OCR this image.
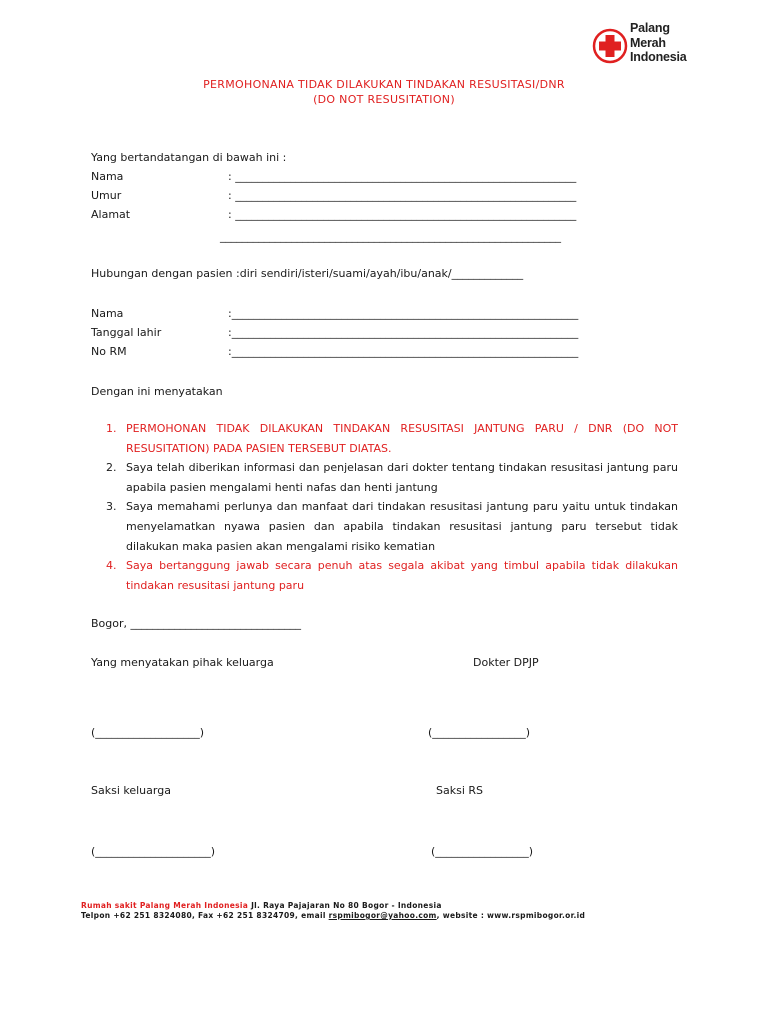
Palang
Merah
Indonesia
PERMOHONANA TIDAK DILAKUKAN TINDAKAN RESUSITASI/DNR
(DO NOT RESUSITATION)
Yang bertandatangan di bawah ini :
Nama	: ______________________________________________________________
Umur	: ______________________________________________________________
Alamat	: ______________________________________________________________
______________________________________________________________
Hubungan dengan pasien :diri sendiri/isteri/suami/ayah/ibu/anak/_____________
Nama	:_______________________________________________________________
Tanggal lahir	:_______________________________________________________________
No RM	:_______________________________________________________________
Dengan ini menyatakan
1. PERMOHONAN TIDAK DILAKUKAN TINDAKAN RESUSITASI JANTUNG PARU / DNR (DO NOT RESUSITATION) PADA PASIEN TERSEBUT DIATAS.
2. Saya telah diberikan informasi dan penjelasan dari dokter tentang tindakan resusitasi jantung paru apabila pasien mengalami henti nafas dan henti jantung
3. Saya memahami perlunya dan manfaat dari tindakan resusitasi jantung paru yaitu untuk tindakan menyelamatkan nyawa pasien dan apabila tindakan resusitasi jantung paru tersebut tidak dilakukan maka pasien akan mengalami risiko kematian
4. Saya bertanggung jawab secara penuh atas segala akibat yang timbul apabila tidak dilakukan tindakan resusitasi jantung paru
Bogor, _______________________________
Yang menyatakan pihak keluarga	Dokter DPJP
(___________________)	(_________________)
Saksi keluarga	Saksi RS
(_____________________)	(_________________)
Rumah sakit Palang Merah Indonesia Jl. Raya Pajajaran No 80 Bogor - Indonesia
Telpon +62 251 8324080, Fax +62 251 8324709, email rspmibogor@yahoo.com, website : www.rspmibogor.or.id
